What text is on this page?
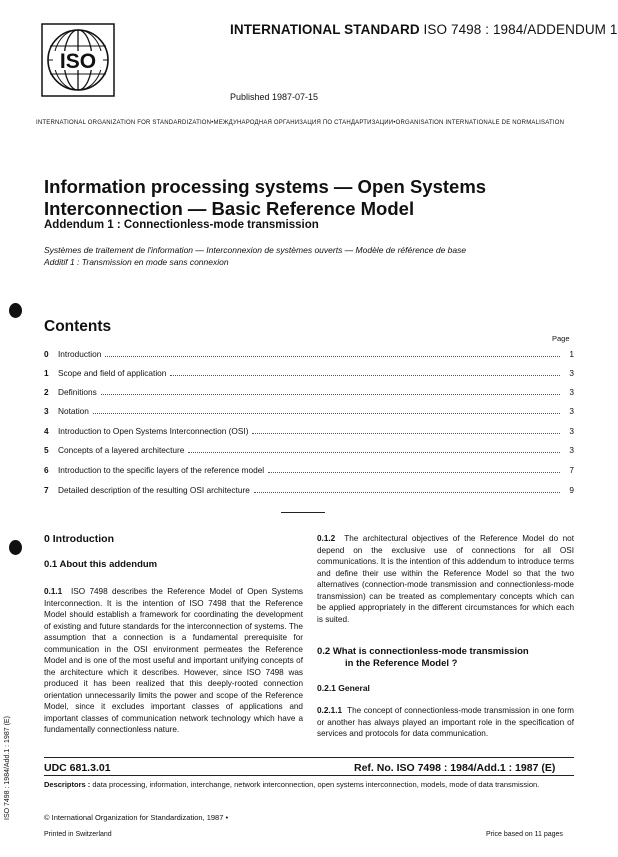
ISO
INTERNATIONAL STANDARD ISO 7498 : 1984/ADDENDUM 1
Published 1987-07-15
INTERNATIONAL ORGANIZATION FOR STANDARDIZATION•МЕЖДУНАРОДНАЯ ОРГАНИЗАЦИЯ ПО СТАНДАРТИЗАЦИИ•ORGANISATION INTERNATIONALE DE NORMALISATION
Information processing systems — Open Systems
Interconnection — Basic Reference Model
Addendum 1 : Connectionless-mode transmission
Systèmes de traitement de l'information — Interconnexion de systèmes ouverts — Modèle de référence de base
Additif 1 : Transmission en mode sans connexion
Contents
Page
0	Introduction	1
1	Scope and field of application	3
2	Definitions	3
3	Notation	3
4	Introduction to Open Systems Interconnection (OSI)	3
5	Concepts of a layered architecture	3
6	Introduction to the specific layers of the reference model	7
7	Detailed description of the resulting OSI architecture	9
0 Introduction
0.1 About this addendum
0.1.1 ISO 7498 describes the Reference Model of Open Systems Interconnection. It is the intention of ISO 7498 that the Reference Model should establish a framework for coordinating the development of existing and future standards for the interconnection of systems. The assumption that a connection is a fundamental prerequisite for communication in the OSI environment permeates the Reference Model and is one of the most useful and important unifying concepts of the architecture which it describes. However, since ISO 7498 was produced it has been realized that this deeply-rooted connection orientation unnecessarily limits the power and scope of the Reference Model, since it excludes important classes of applications and important classes of communication network technology which have a fundamentally connectionless nature.
0.1.2 The architectural objectives of the Reference Model do not depend on the exclusive use of connections for all OSI communications. It is the intention of this addendum to introduce terms and define their use within the Reference Model so that the two alternatives (connection-mode transmission and connectionless-mode transmission) can be treated as complementary concepts which can be applied appropriately in the different circumstances for which each is suited.
0.2 What is connectionless-mode transmission
in the Reference Model ?
0.2.1 General
0.2.1.1 The concept of connectionless-mode transmission in one form or another has always played an important role in the specification of services and protocols for data communication.
ISO 7498 : 1984/Add.1 : 1987 (E)	UDC 681.3.01	Ref. No. ISO 7498 : 1984/Add.1 : 1987 (E)
Descriptors : data processing, information, interchange, network interconnection, open systems interconnection, models, mode of data transmission.
© International Organization for Standardization, 1987 •
Printed in Switzerland	Price based on 11 pages
